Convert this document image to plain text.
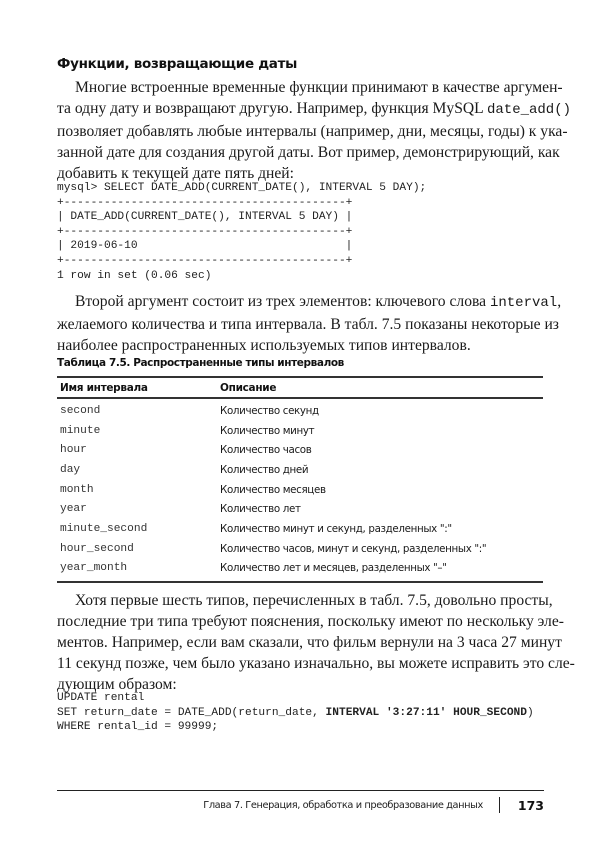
Функции, возвращающие даты
Многие встроенные временные функции принимают в качестве аргумен-
та одну дату и возвращают другую. Например, функция MySQL date_add()
позволяет добавлять любые интервалы (например, дни, месяцы, годы) к ука-
занной дате для создания другой даты. Вот пример, демонстрирующий, как
добавить к текущей дате пять дней:
mysql> SELECT DATE_ADD(CURRENT_DATE(), INTERVAL 5 DAY);
+------------------------------------------+
| DATE_ADD(CURRENT_DATE(), INTERVAL 5 DAY) |
+------------------------------------------+
| 2019-06-10                               |
+------------------------------------------+
1 row in set (0.06 sec)
Второй аргумент состоит из трех элементов: ключевого слова interval,
желаемого количества и типа интервала. В табл. 7.5 показаны некоторые из
наиболее распространенных используемых типов интервалов.
Таблица 7.5. Распространенные типы интервалов
Имя интервала	Описание
second	Количество секунд
minute	Количество минут
hour	Количество часов
day	Количество дней
month	Количество месяцев
year	Количество лет
minute_second	Количество минут и секунд, разделенных ":"
hour_second	Количество часов, минут и секунд, разделенных ":"
year_month	Количество лет и месяцев, разделенных "–"
Хотя первые шесть типов, перечисленных в табл. 7.5, довольно просты,
последние три типа требуют пояснения, поскольку имеют по нескольку эле-
ментов. Например, если вам сказали, что фильм вернули на 3 часа 27 минут
11 секунд позже, чем было указано изначально, вы можете исправить это сле-
дующим образом:
UPDATE rental
SET return_date = DATE_ADD(return_date, INTERVAL '3:27:11' HOUR_SECOND)
WHERE rental_id = 99999;
Глава 7. Генерация, обработка и преобразование данных	173
